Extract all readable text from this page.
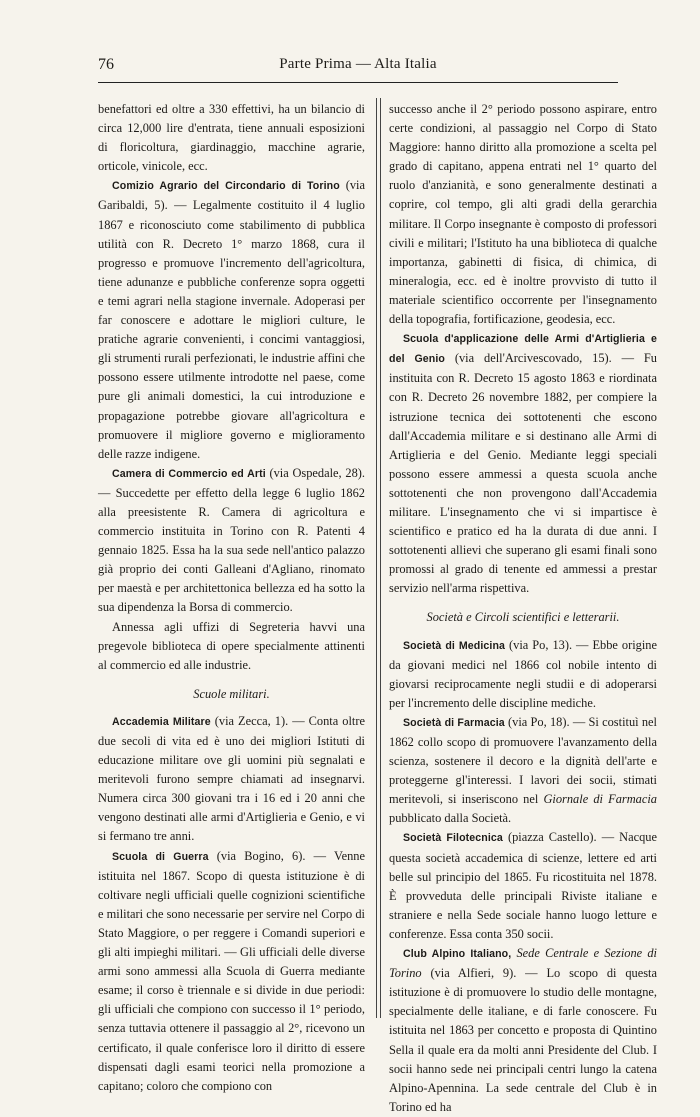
76	Parte Prima — Alta Italia

benefattori ed oltre a 330 effettivi, ha un bilancio di circa 12,000 lire d'entrata, tiene annuali esposizioni di floricoltura, giardinaggio, macchine agrarie, orticole, vinicole, ecc.

Comizio Agrario del Circondario di Torino (via Garibaldi, 5). — Legalmente costituito il 4 luglio 1867 e riconosciuto come stabilimento di pubblica utilità con R. Decreto 1° marzo 1868, cura il progresso e promuove l'incremento dell'agricoltura, tiene adunanze e pubbliche conferenze sopra oggetti e temi agrari nella stagione invernale. Adoperasi per far conoscere e adottare le migliori culture, le pratiche agrarie convenienti, i concimi vantaggiosi, gli strumenti rurali perfezionati, le industrie affini che possono essere utilmente introdotte nel paese, come pure gli animali domestici, la cui introduzione e propagazione potrebbe giovare all'agricoltura e promuovere il migliore governo e miglioramento delle razze indigene.

Camera di Commercio ed Arti (via Ospedale, 28). — Succedette per effetto della legge 6 luglio 1862 alla preesistente R. Camera di agricoltura e commercio instituita in Torino con R. Patenti 4 gennaio 1825. Essa ha la sua sede nell'antico palazzo già proprio dei conti Galleani d'Agliano, rinomato per maestà e per architettonica bellezza ed ha sotto la sua dipendenza la Borsa di commercio.

Annessa agli uffizi di Segreteria havvi una pregevole biblioteca di opere specialmente attinenti al commercio ed alle industrie.

Scuole militari.

Accademia Militare (via Zecca, 1). — Conta oltre due secoli di vita ed è uno dei migliori Istituti di educazione militare ove gli uomini più segnalati e meritevoli furono sempre chiamati ad insegnarvi. Numera circa 300 giovani tra i 16 ed i 20 anni che vengono destinati alle armi d'Artiglieria e Genio, e vi si fermano tre anni.

Scuola di Guerra (via Bogino, 6). — Venne istituita nel 1867. Scopo di questa istituzione è di coltivare negli ufficiali quelle cognizioni scientifiche e militari che sono necessarie per servire nel Corpo di Stato Maggiore, o per reggere i Comandi superiori e gli alti impieghi militari. — Gli ufficiali delle diverse armi sono ammessi alla Scuola di Guerra mediante esame; il corso è triennale e si divide in due periodi: gli ufficiali che compiono con successo il 1° periodo, senza tuttavia ottenere il passaggio al 2°, ricevono un certificato, il quale conferisce loro il diritto di essere dispensati dagli esami teorici nella promozione a capitano; coloro che compiono con

successo anche il 2° periodo possono aspirare, entro certe condizioni, al passaggio nel Corpo di Stato Maggiore: hanno diritto alla promozione a scelta pel grado di capitano, appena entrati nel 1° quarto del ruolo d'anzianità, e sono generalmente destinati a coprire, col tempo, gli alti gradi della gerarchia militare. Il Corpo insegnante è composto di professori civili e militari; l'Istituto ha una biblioteca di qualche importanza, gabinetti di fisica, di chimica, di mineralogia, ecc. ed è inoltre provvisto di tutto il materiale scientifico occorrente per l'insegnamento della topografia, fortificazione, geodesia, ecc.

Scuola d'applicazione delle Armi d'Artiglieria e del Genio (via dell'Arcivescovado, 15). — Fu instituita con R. Decreto 15 agosto 1863 e riordinata con R. Decreto 26 novembre 1882, per compiere la istruzione tecnica dei sottotenenti che escono dall'Accademia militare e si destinano alle Armi di Artiglieria e del Genio. Mediante leggi speciali possono essere ammessi a questa scuola anche sottotenenti che non provengono dall'Accademia militare. L'insegnamento che vi si impartisce è scientifico e pratico ed ha la durata di due anni. I sottotenenti allievi che superano gli esami finali sono promossi al grado di tenente ed ammessi a prestar servizio nell'arma rispettiva.

Società e Circoli scientifici e letterarii.

Società di Medicina (via Po, 13). — Ebbe origine da giovani medici nel 1866 col nobile intento di giovarsi reciprocamente negli studii e di adoperarsi per l'incremento delle discipline mediche.

Società di Farmacia (via Po, 18). — Si costituì nel 1862 collo scopo di promuovere l'avanzamento della scienza, sostenere il decoro e la dignità dell'arte e proteggerne gl'interessi. I lavori dei socii, stimati meritevoli, si inseriscono nel Giornale di Farmacia pubblicato dalla Società.

Società Filotecnica (piazza Castello). — Nacque questa società accademica di scienze, lettere ed arti belle sul principio del 1865. Fu ricostituita nel 1878. È provveduta delle principali Riviste italiane e straniere e nella Sede sociale hanno luogo letture e conferenze. Essa conta 350 socii.

Club Alpino Italiano, Sede Centrale e Sezione di Torino (via Alfieri, 9). — Lo scopo di questa istituzione è di promuovere lo studio delle montagne, specialmente delle italiane, e di farle conoscere. Fu istituita nel 1863 per concetto e proposta di Quintino Sella il quale era da molti anni Presidente del Club. I socii hanno sede nei principali centri lungo la catena Alpino-Apennina. La sede centrale del Club è in Torino ed ha
